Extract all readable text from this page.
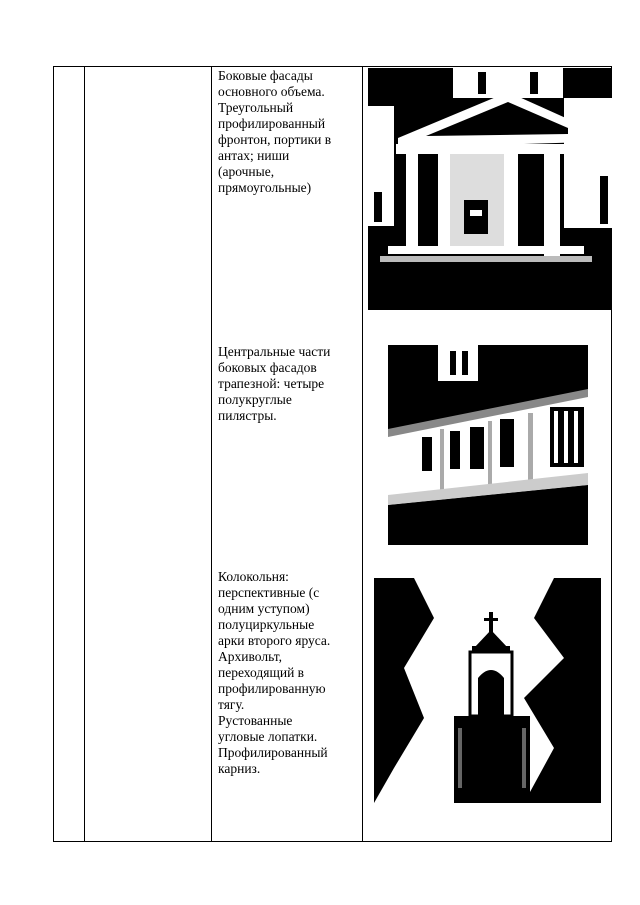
Боковые фасады
основного объема.
Треугольный
профилированный
фронтон, портики в
антах; ниши
(арочные,
прямоугольные)
Центральные части
боковых фасадов
трапезной: четыре
полукруглые
пилястры.
Колокольня:
перспективные (с
одним уступом)
полуциркульные
арки второго яруса.
Архивольт,
переходящий в
профилированную
тягу.
Рустованные
угловые лопатки.
Профилированный
карниз.
